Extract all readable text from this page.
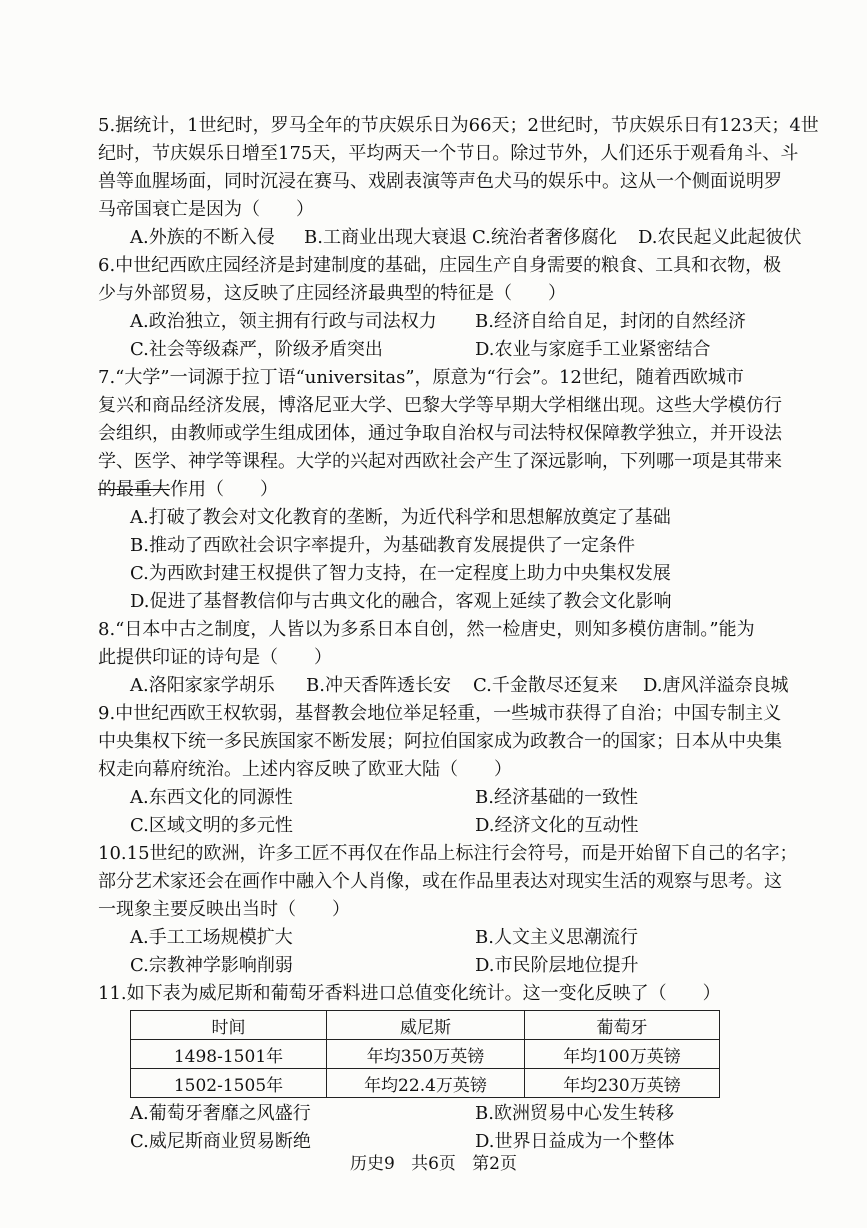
5.据统计，1世纪时，罗马全年的节庆娱乐日为66天；2世纪时，节庆娱乐日有123天；4世
纪时，节庆娱乐日增至175天，平均两天一个节日。除过节外，人们还乐于观看角斗、斗
兽等血腥场面，同时沉浸在赛马、戏剧表演等声色犬马的娱乐中。这从一个侧面说明罗
马帝国衰亡是因为（　　）
A.外族的不断入侵 B.工商业出现大衰退 C.统治者奢侈腐化 D.农民起义此起彼伏
6.中世纪西欧庄园经济是封建制度的基础，庄园生产自身需要的粮食、工具和衣物，极
少与外部贸易，这反映了庄园经济最典型的特征是（　　）
A.政治独立，领主拥有行政与司法权力 B.经济自给自足，封闭的自然经济
C.社会等级森严，阶级矛盾突出	D.农业与家庭手工业紧密结合
7.“大学”一词源于拉丁语“universitas”，原意为“行会”。12世纪，随着西欧城市
复兴和商品经济发展，博洛尼亚大学、巴黎大学等早期大学相继出现。这些大学模仿行
会组织，由教师或学生组成团体，通过争取自治权与司法特权保障教学独立，并开设法
学、医学、神学等课程。大学的兴起对西欧社会产生了深远影响，下列哪一项是其带来
的最重大作用（　　）
A.打破了教会对文化教育的垄断，为近代科学和思想解放奠定了基础
B.推动了西欧社会识字率提升，为基础教育发展提供了一定条件
C.为西欧封建王权提供了智力支持，在一定程度上助力中央集权发展
D.促进了基督教信仰与古典文化的融合，客观上延续了教会文化影响
8.“日本中古之制度，人皆以为多系日本自创，然一检唐史，则知多模仿唐制。”能为
此提供印证的诗句是（　　）
A.洛阳家家学胡乐 B.冲天香阵透长安 C.千金散尽还复来 D.唐风洋溢奈良城
9.中世纪西欧王权软弱，基督教会地位举足轻重，一些城市获得了自治；中国专制主义
中央集权下统一多民族国家不断发展；阿拉伯国家成为政教合一的国家；日本从中央集
权走向幕府统治。上述内容反映了欧亚大陆（　　）
A.东西文化的同源性	B.经济基础的一致性
C.区域文明的多元性	D.经济文化的互动性
10.15世纪的欧洲，许多工匠不再仅在作品上标注行会符号，而是开始留下自己的名字；
部分艺术家还会在画作中融入个人肖像，或在作品里表达对现实生活的观察与思考。这
一现象主要反映出当时（　　）
A.手工工场规模扩大	B.人文主义思潮流行
C.宗教神学影响削弱	D.市民阶层地位提升
11.如下表为威尼斯和葡萄牙香料进口总值变化统计。这一变化反映了（　　）
时间	威尼斯	葡萄牙
1498-1501年	年均350万英镑	年均100万英镑
1502-1505年	年均22.4万英镑	年均230万英镑
A.葡萄牙奢靡之风盛行	B.欧洲贸易中心发生转移
C.威尼斯商业贸易断绝	D.世界日益成为一个整体
历史9 共6页 第2页
